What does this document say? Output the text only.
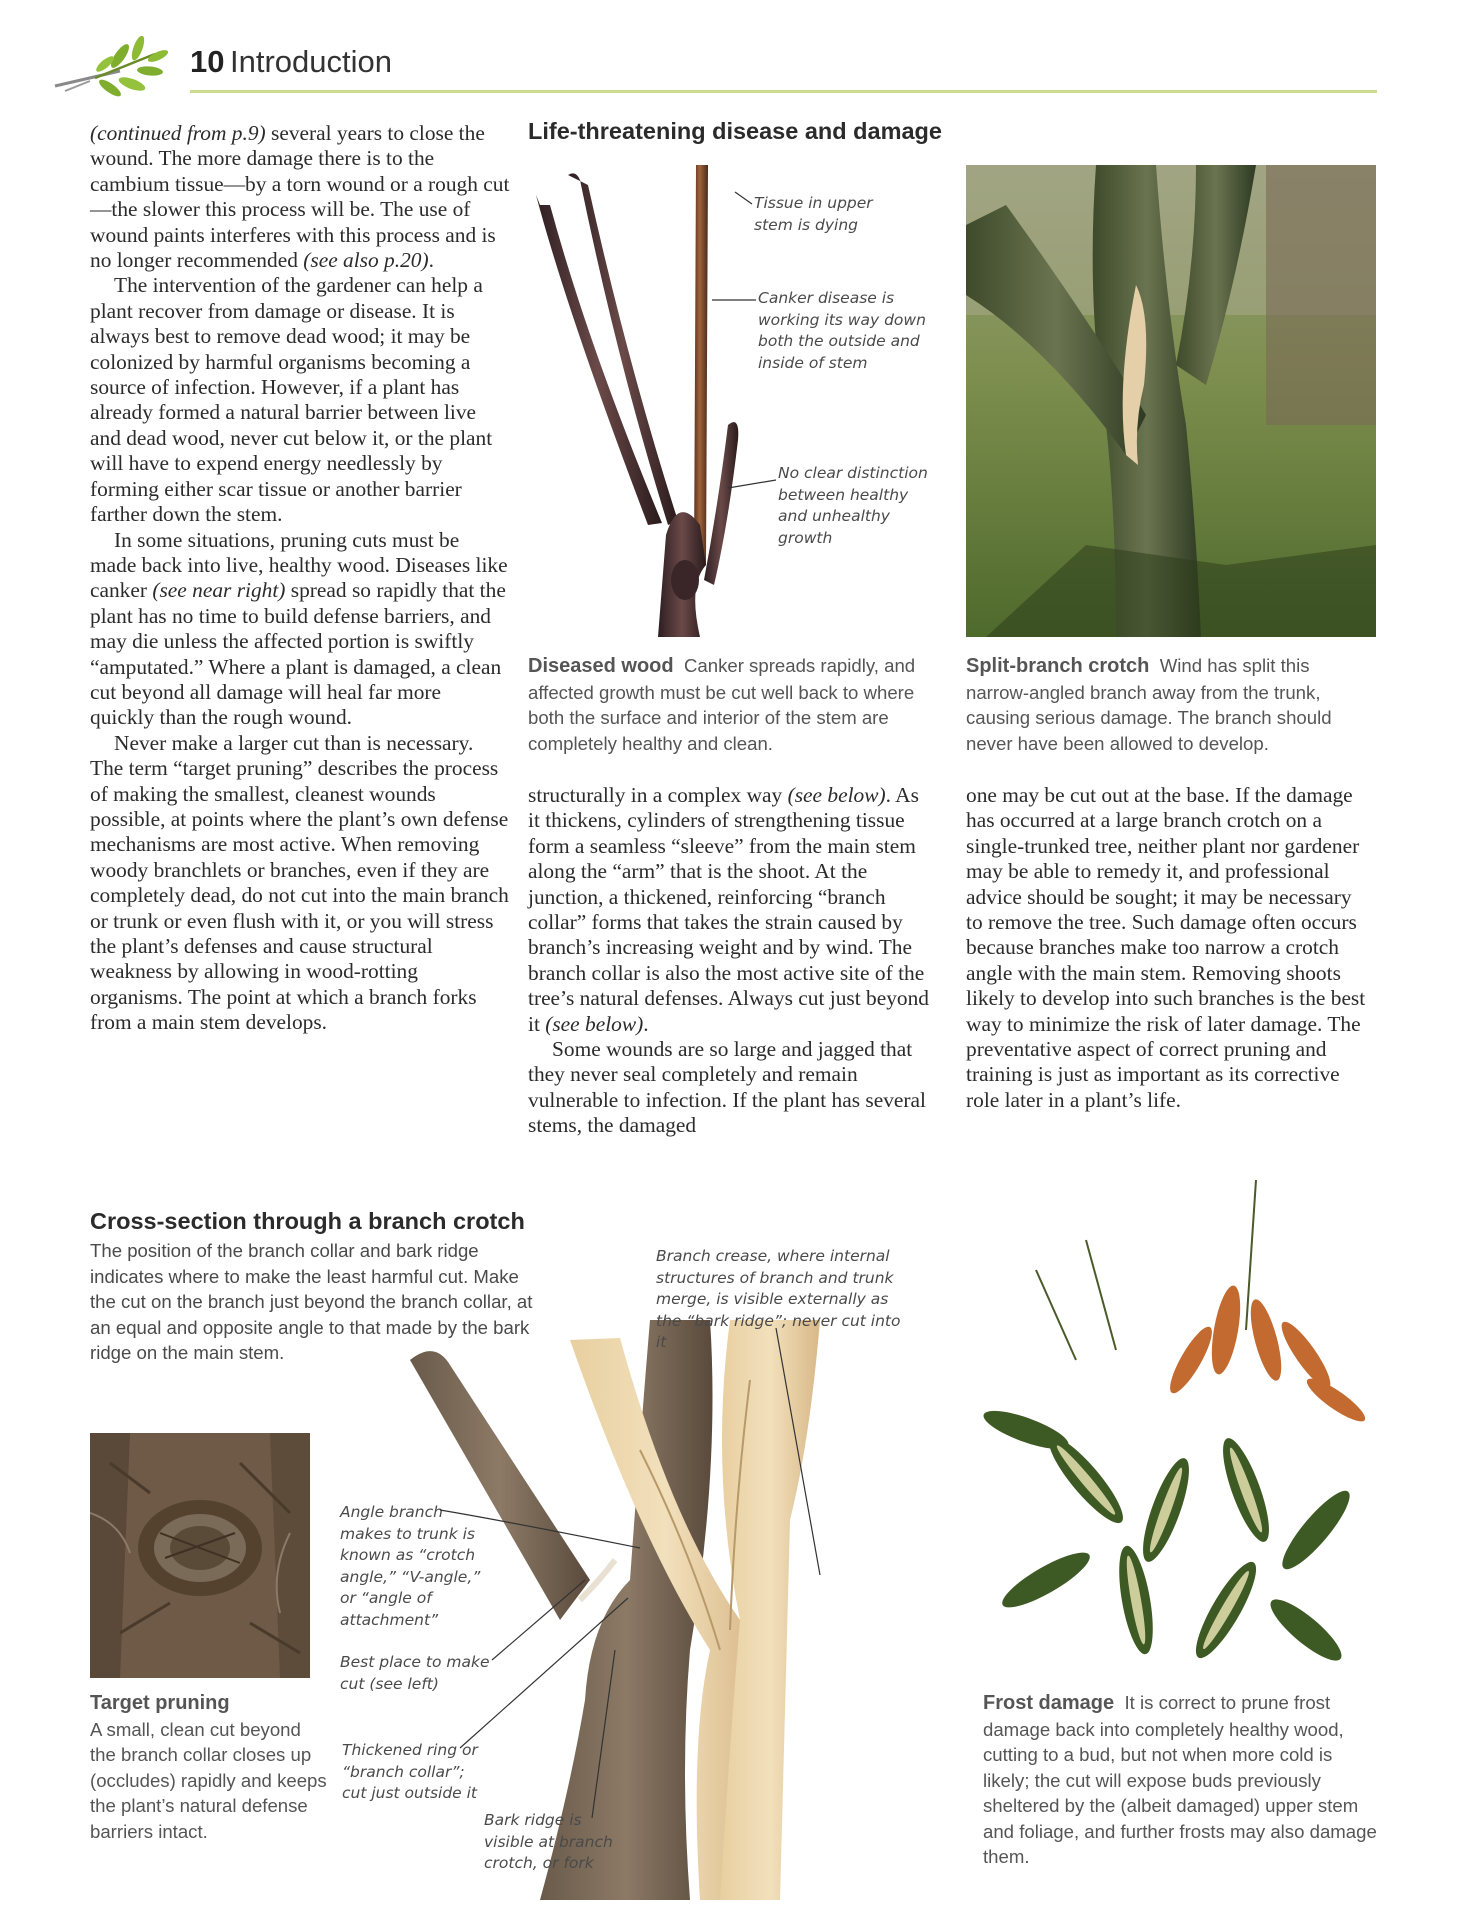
10 Introduction

(continued from p.9) several years to close the wound. The more damage there is to the cambium tissue—by a torn wound or a rough cut—the slower this process will be. The use of wound paints interferes with this process and is no longer recommended (see also p.20).

The intervention of the gardener can help a plant recover from damage or disease. It is always best to remove dead wood; it may be colonized by harmful organisms becoming a source of infection. However, if a plant has already formed a natural barrier between live and dead wood, never cut below it, or the plant will have to expend energy needlessly by forming either scar tissue or another barrier farther down the stem.

In some situations, pruning cuts must be made back into live, healthy wood. Diseases like canker (see near right) spread so rapidly that the plant has no time to build defense barriers, and may die unless the affected portion is swiftly “amputated.” Where a plant is damaged, a clean cut beyond all damage will heal far more quickly than the rough wound.

Never make a larger cut than is necessary. The term “target pruning” describes the process of making the smallest, cleanest wounds possible, at points where the plant’s own defense mechanisms are most active. When removing woody branchlets or branches, even if they are completely dead, do not cut into the main branch or trunk or even flush with it, or you will stress the plant’s defenses and cause structural weakness by allowing in wood-rotting organisms. The point at which a branch forks from a main stem develops.

Life-threatening disease and damage
Tissue in upper stem is dying
Canker disease is working its way down both the outside and inside of stem
No clear distinction between healthy and unhealthy growth
Diseased wood Canker spreads rapidly, and affected growth must be cut well back to where both the surface and interior of the stem are completely healthy and clean.
Split-branch crotch Wind has split this narrow-angled branch away from the trunk, causing serious damage. The branch should never have been allowed to develop.

structurally in a complex way (see below). As it thickens, cylinders of strengthening tissue form a seamless “sleeve” from the main stem along the “arm” that is the shoot. At the junction, a thickened, reinforcing “branch collar” forms that takes the strain caused by branch’s increasing weight and by wind. The branch collar is also the most active site of the tree’s natural defenses. Always cut just beyond it (see below).

Some wounds are so large and jagged that they never seal completely and remain vulnerable to infection. If the plant has several stems, the damaged

one may be cut out at the base. If the damage has occurred at a large branch crotch on a single-trunked tree, neither plant nor gardener may be able to remedy it, and professional advice should be sought; it may be necessary to remove the tree. Such damage often occurs because branches make too narrow a crotch angle with the main stem. Removing shoots likely to develop into such branches is the best way to minimize the risk of later damage. The preventative aspect of correct pruning and training is just as important as its corrective role later in a plant’s life.

Cross-section through a branch crotch
The position of the branch collar and bark ridge indicates where to make the least harmful cut. Make the cut on the branch just beyond the branch collar, at an equal and opposite angle to that made by the bark ridge on the main stem.
Target pruning
A small, clean cut beyond the branch collar closes up (occludes) rapidly and keeps the plant’s natural defense barriers intact.
Branch crease, where internal structures of branch and trunk merge, is visible externally as the “bark ridge”; never cut into it
Angle branch makes to trunk is known as “crotch angle,” “V-angle,” or “angle of attachment”
Best place to make cut (see left)
Thickened ring or “branch collar”; cut just outside it
Bark ridge is visible at branch crotch, or fork
Frost damage It is correct to prune frost damage back into completely healthy wood, cutting to a bud, but not when more cold is likely; the cut will expose buds previously sheltered by the (albeit damaged) upper stem and foliage, and further frosts may also damage them.
